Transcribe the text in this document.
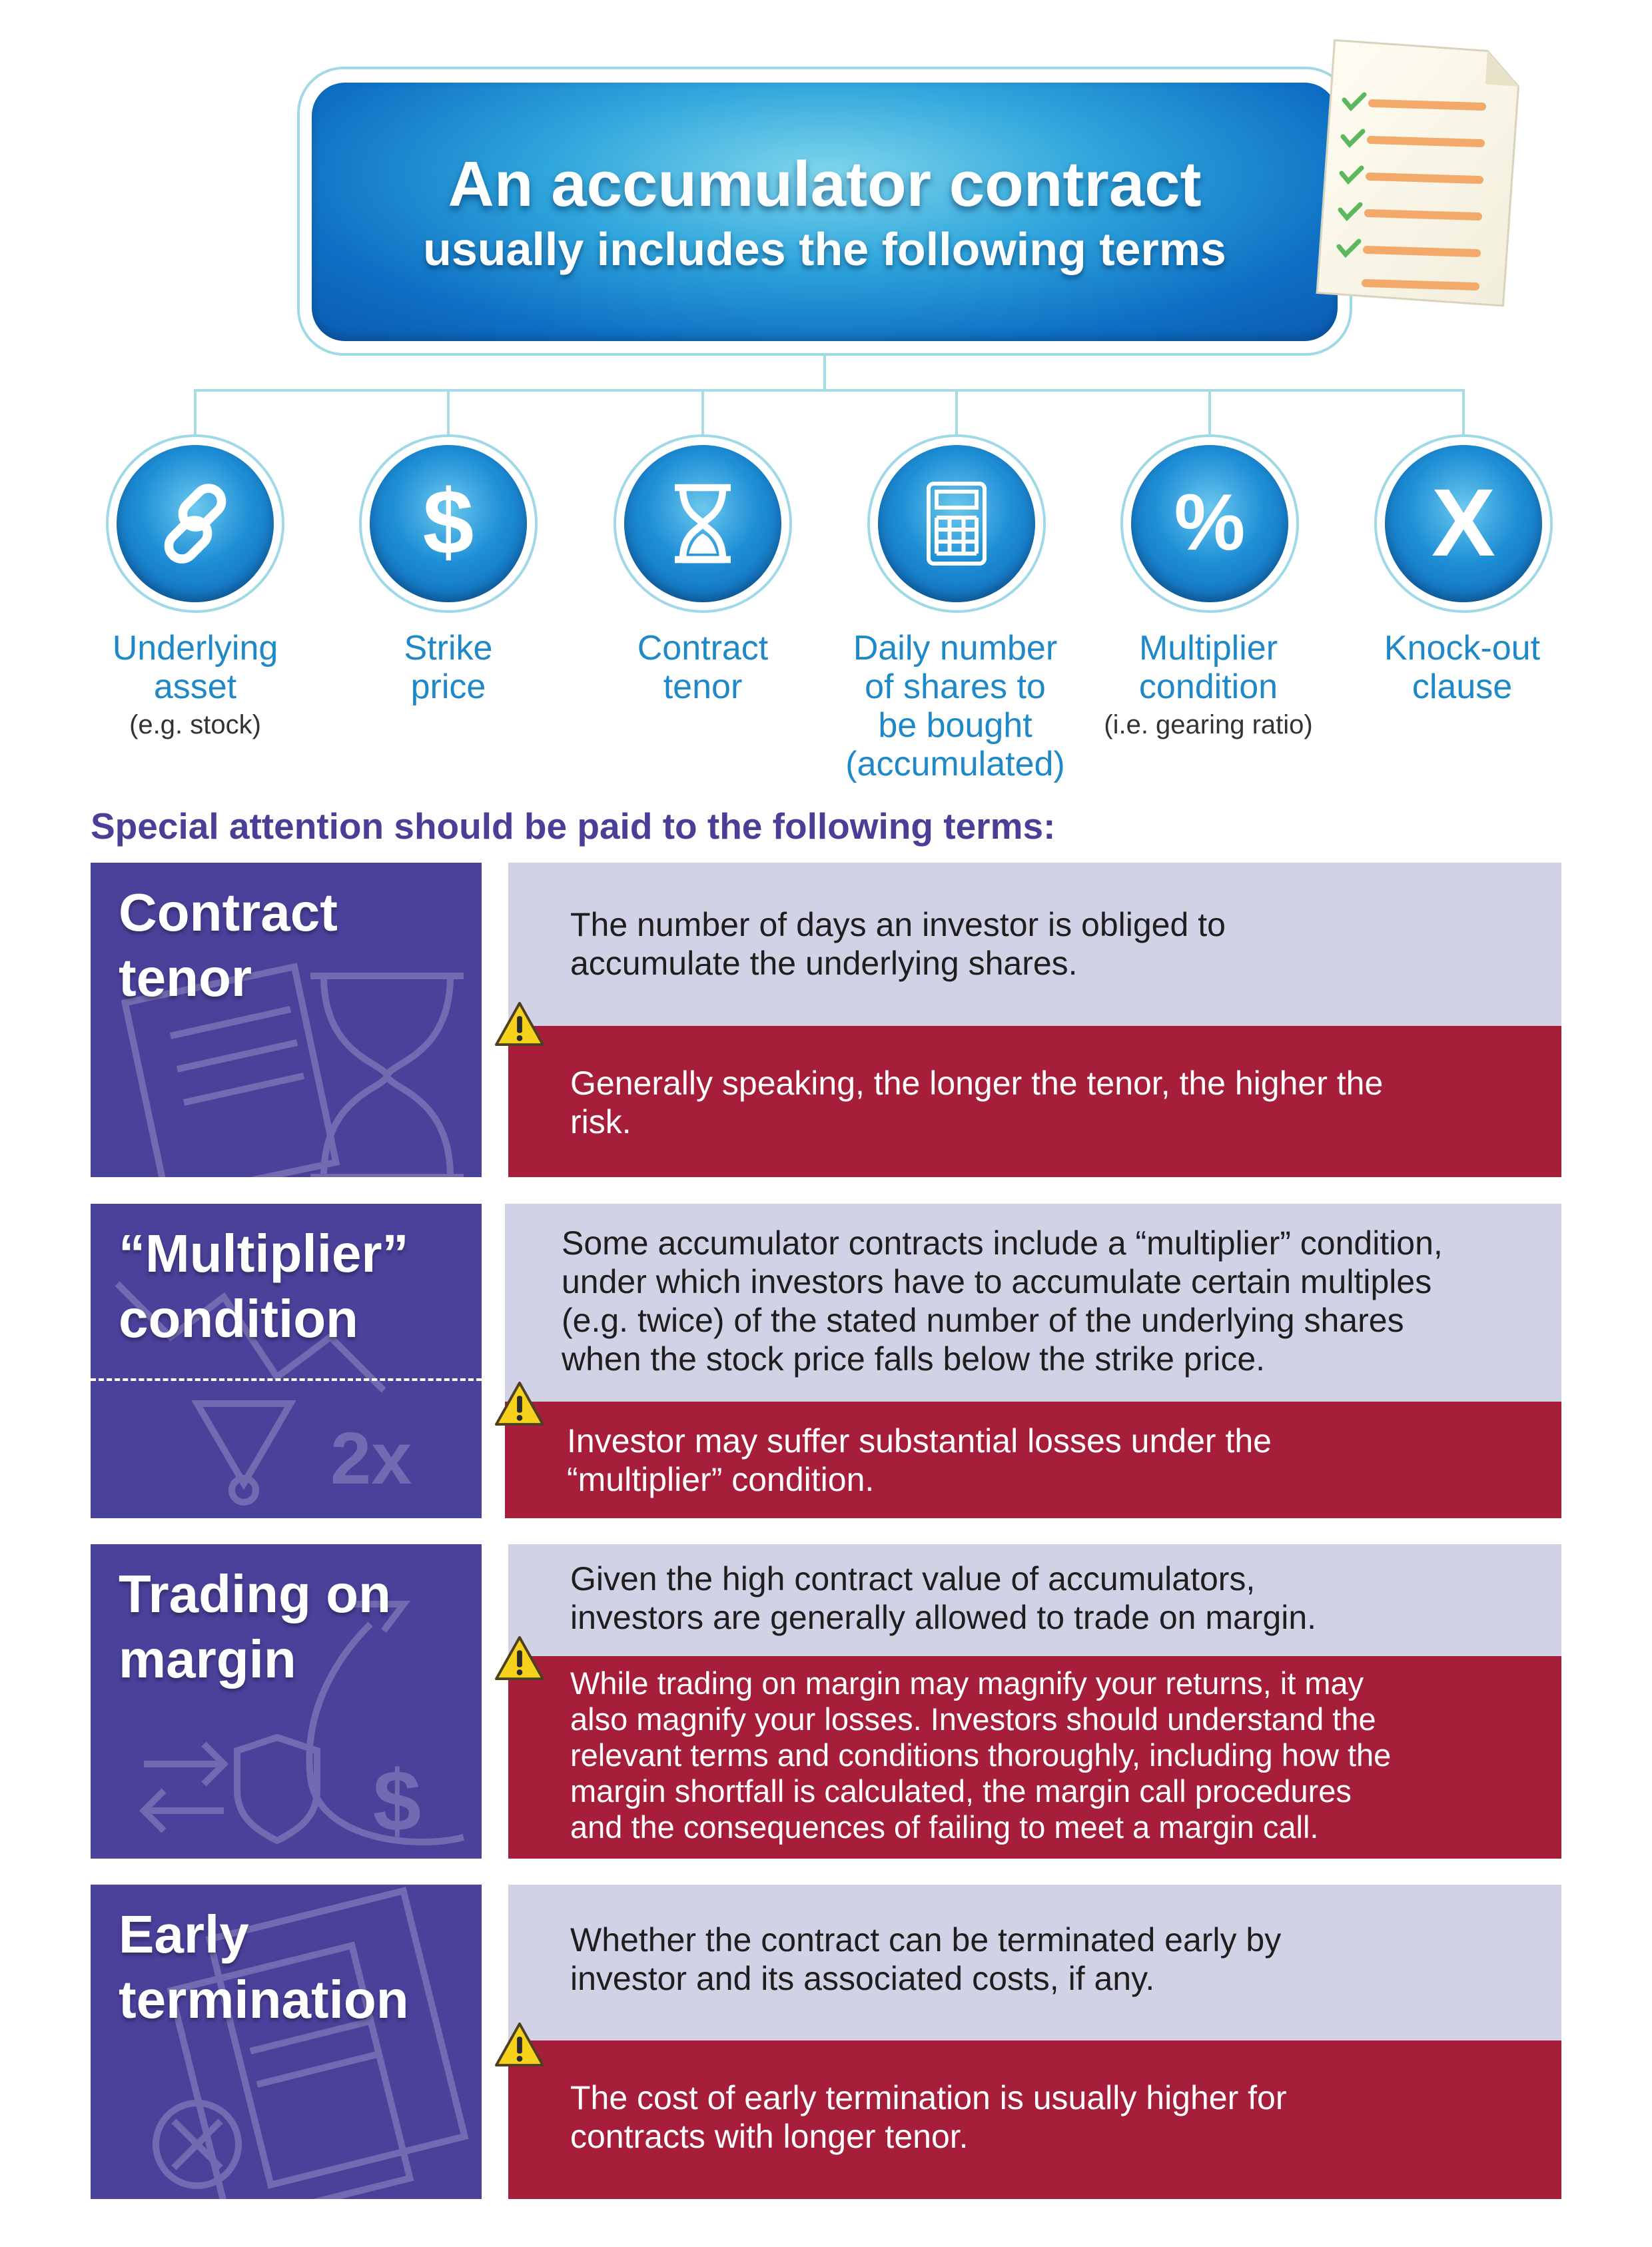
An accumulator contract
usually includes the following terms
Underlying
asset
(e.g. stock)
$
Strike
price
Contract
tenor
Daily number
of shares to
be bought
(accumulated)
%
Multiplier
condition
(i.e. gearing ratio)
X
Knock-out
clause
Special attention should be paid to the following terms:
Contract
tenor
The number of days an investor is obliged to
accumulate the underlying shares.
Generally speaking, the longer the tenor, the higher the
risk.
2x
“Multiplier”
condition
Some accumulator contracts include a “multiplier” condition,
under which investors have to accumulate certain multiples
(e.g. twice) of the stated number of the underlying shares
when the stock price falls below the strike price.
Investor may suffer substantial losses under the
“multiplier” condition.
$
Trading on
margin
Given the high contract value of accumulators,
investors are generally allowed to trade on margin.
While trading on margin may magnify your returns, it may
also magnify your losses. Investors should understand the
relevant terms and conditions thoroughly, including how the
margin shortfall is calculated, the margin call procedures
and the consequences of failing to meet a margin call.
Early
termination
Whether the contract can be terminated early by
investor and its associated costs, if any.
The cost of early termination is usually higher for
contracts with longer tenor.
